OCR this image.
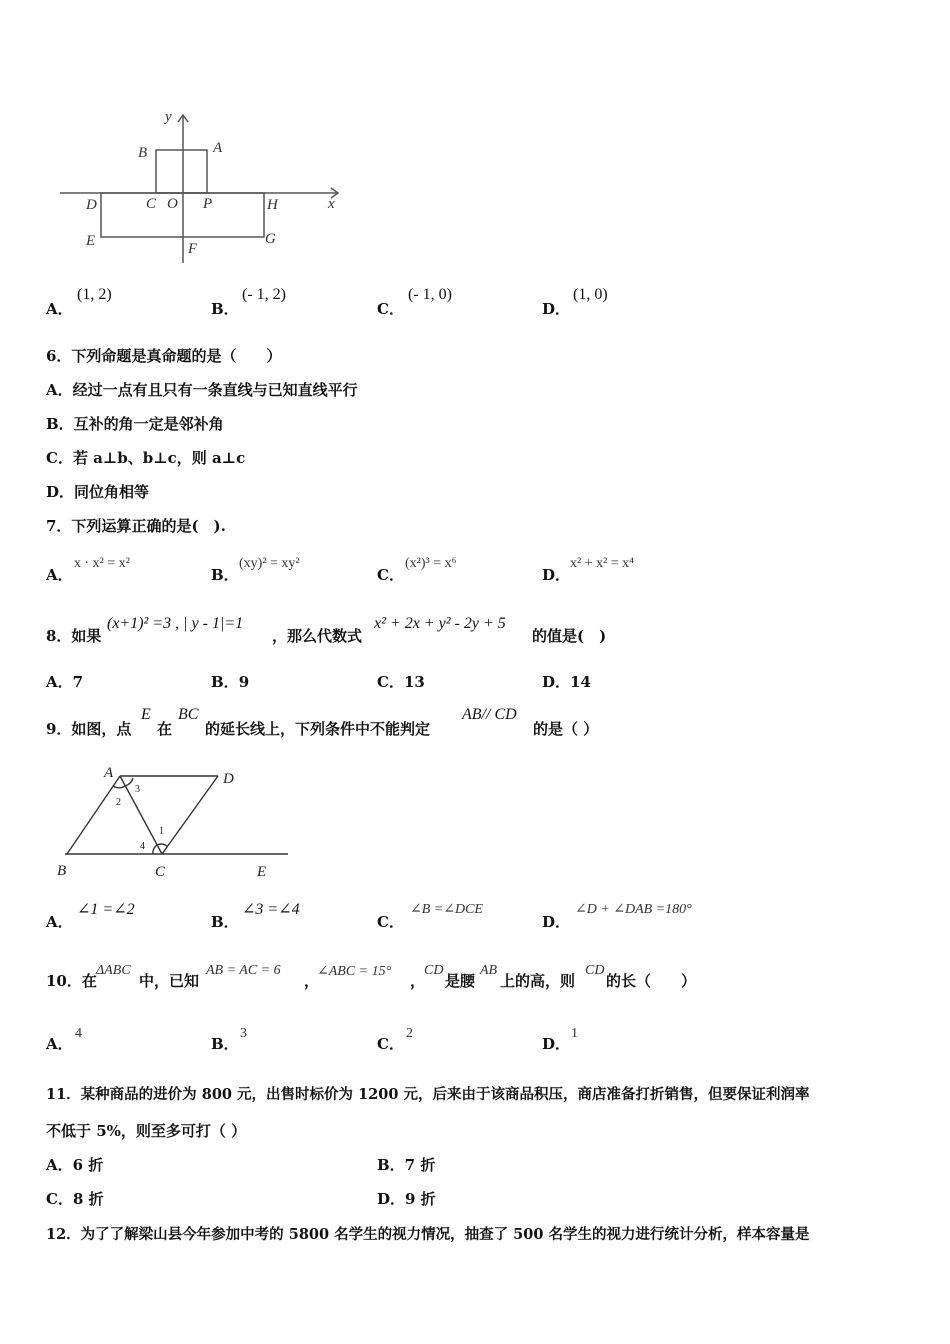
y
x
A
B
C O P
D	H
E	F
G
A．
(1, 2)
B．
(- 1, 2)
C．
(- 1, 0)
D．
(1, 0)
6．下列命题是真命题的是（　　）
A．经过一点有且只有一条直线与已知直线平行
B．互补的角一定是邻补角
C．若 a⊥b、b⊥c，则 a⊥c
D．同位角相等
7．下列运算正确的是(　).
A．
x · x² = x²
B．
(xy)² = xy²
C．
(x²)³ = x⁶
D．
x² + x² = x⁴
8．如果
(x+1)² =3 , | y - 1|=1
，那么代数式
x² + 2x + y² - 2y + 5
的值是(　)
A．7	B．9	C．13	D．14
9．如图，点
E
在
BC
的延长线上，下列条件中不能判定
AB// CD
的是（ ）
A	D
B	C	E
1
2
3
4
A．
∠1 =∠2
B．
∠3 =∠4
C．
∠B =∠DCE
D．
∠D + ∠DAB =180°
10．在
ΔABC
中，已知
AB = AC = 6
，
∠ABC = 15°
，
CD
是腰
AB
上的高，则
CD
的长（　　）
A．
4
B．
3
C．
2
D．
1
11．某种商品的进价为 800 元，出售时标价为 1200 元，后来由于该商品积压，商店准备打折销售，但要保证利润率
不低于 5%，则至多可打（ ）
A．6 折	B．7 折
C．8 折	D．9 折
12．为了了解梁山县今年参加中考的 5800 名学生的视力情况，抽查了 500 名学生的视力进行统计分析，样本容量是
